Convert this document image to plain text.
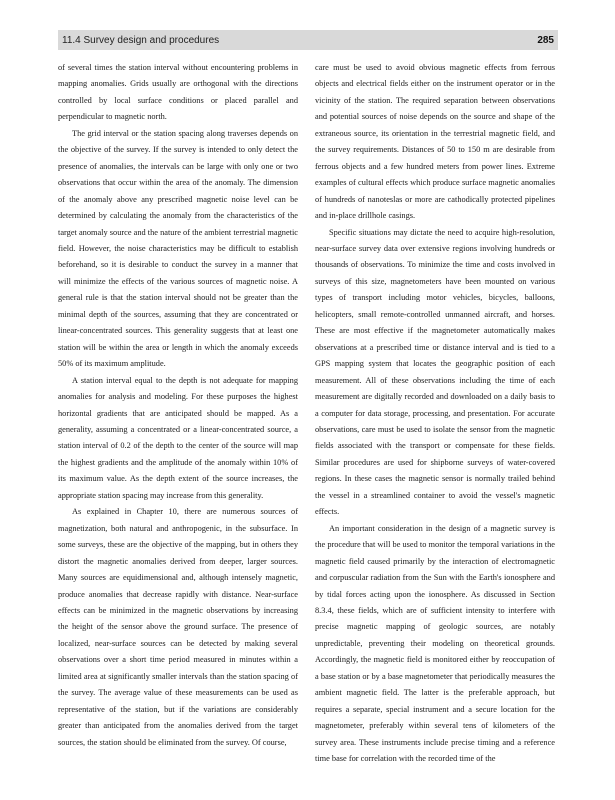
11.4 Survey design and procedures	285

of several times the station interval without encountering problems in mapping anomalies. Grids usually are orthogonal with the directions controlled by local surface conditions or placed parallel and perpendicular to magnetic north.

The grid interval or the station spacing along traverses depends on the objective of the survey. If the survey is intended to only detect the presence of anomalies, the intervals can be large with only one or two observations that occur within the area of the anomaly. The dimension of the anomaly above any prescribed magnetic noise level can be determined by calculating the anomaly from the characteristics of the target anomaly source and the nature of the ambient terrestrial magnetic field. However, the noise characteristics may be difficult to establish beforehand, so it is desirable to conduct the survey in a manner that will minimize the effects of the various sources of magnetic noise. A general rule is that the station interval should not be greater than the minimal depth of the sources, assuming that they are concentrated or linear-concentrated sources. This generality suggests that at least one station will be within the area or length in which the anomaly exceeds 50% of its maximum amplitude.

A station interval equal to the depth is not adequate for mapping anomalies for analysis and modeling. For these purposes the highest horizontal gradients that are anticipated should be mapped. As a generality, assuming a concentrated or a linear-concentrated source, a station interval of 0.2 of the depth to the center of the source will map the highest gradients and the amplitude of the anomaly within 10% of its maximum value. As the depth extent of the source increases, the appropriate station spacing may increase from this generality.

As explained in Chapter 10, there are numerous sources of magnetization, both natural and anthropogenic, in the subsurface. In some surveys, these are the objective of the mapping, but in others they distort the magnetic anomalies derived from deeper, larger sources. Many sources are equidimensional and, although intensely magnetic, produce anomalies that decrease rapidly with distance. Near-surface effects can be minimized in the magnetic observations by increasing the height of the sensor above the ground surface. The presence of localized, near-surface sources can be detected by making several observations over a short time period measured in minutes within a limited area at significantly smaller intervals than the station spacing of the survey. The average value of these measurements can be used as representative of the station, but if the variations are considerably greater than anticipated from the anomalies derived from the target sources, the station should be eliminated from the survey. Of course,

care must be used to avoid obvious magnetic effects from ferrous objects and electrical fields either on the instrument operator or in the vicinity of the station. The required separation between observations and potential sources of noise depends on the source and shape of the extraneous source, its orientation in the terrestrial magnetic field, and the survey requirements. Distances of 50 to 150 m are desirable from ferrous objects and a few hundred meters from power lines. Extreme examples of cultural effects which produce surface magnetic anomalies of hundreds of nanoteslas or more are cathodically protected pipelines and in-place drillhole casings.

Specific situations may dictate the need to acquire high-resolution, near-surface survey data over extensive regions involving hundreds or thousands of observations. To minimize the time and costs involved in surveys of this size, magnetometers have been mounted on various types of transport including motor vehicles, bicycles, balloons, helicopters, small remote-controlled unmanned aircraft, and horses. These are most effective if the magnetometer automatically makes observations at a prescribed time or distance interval and is tied to a GPS mapping system that locates the geographic position of each measurement. All of these observations including the time of each measurement are digitally recorded and downloaded on a daily basis to a computer for data storage, processing, and presentation. For accurate observations, care must be used to isolate the sensor from the magnetic fields associated with the transport or compensate for these fields. Similar procedures are used for shipborne surveys of water-covered regions. In these cases the magnetic sensor is normally trailed behind the vessel in a streamlined container to avoid the vessel's magnetic effects.

An important consideration in the design of a magnetic survey is the procedure that will be used to monitor the temporal variations in the magnetic field caused primarily by the interaction of electromagnetic and corpuscular radiation from the Sun with the Earth's ionosphere and by tidal forces acting upon the ionosphere. As discussed in Section 8.3.4, these fields, which are of sufficient intensity to interfere with precise magnetic mapping of geologic sources, are notably unpredictable, preventing their modeling on theoretical grounds. Accordingly, the magnetic field is monitored either by reoccupation of a base station or by a base magnetometer that periodically measures the ambient magnetic field. The latter is the preferable approach, but requires a separate, special instrument and a secure location for the magnetometer, preferably within several tens of kilometers of the survey area. These instruments include precise timing and a reference time base for correlation with the recorded time of the
